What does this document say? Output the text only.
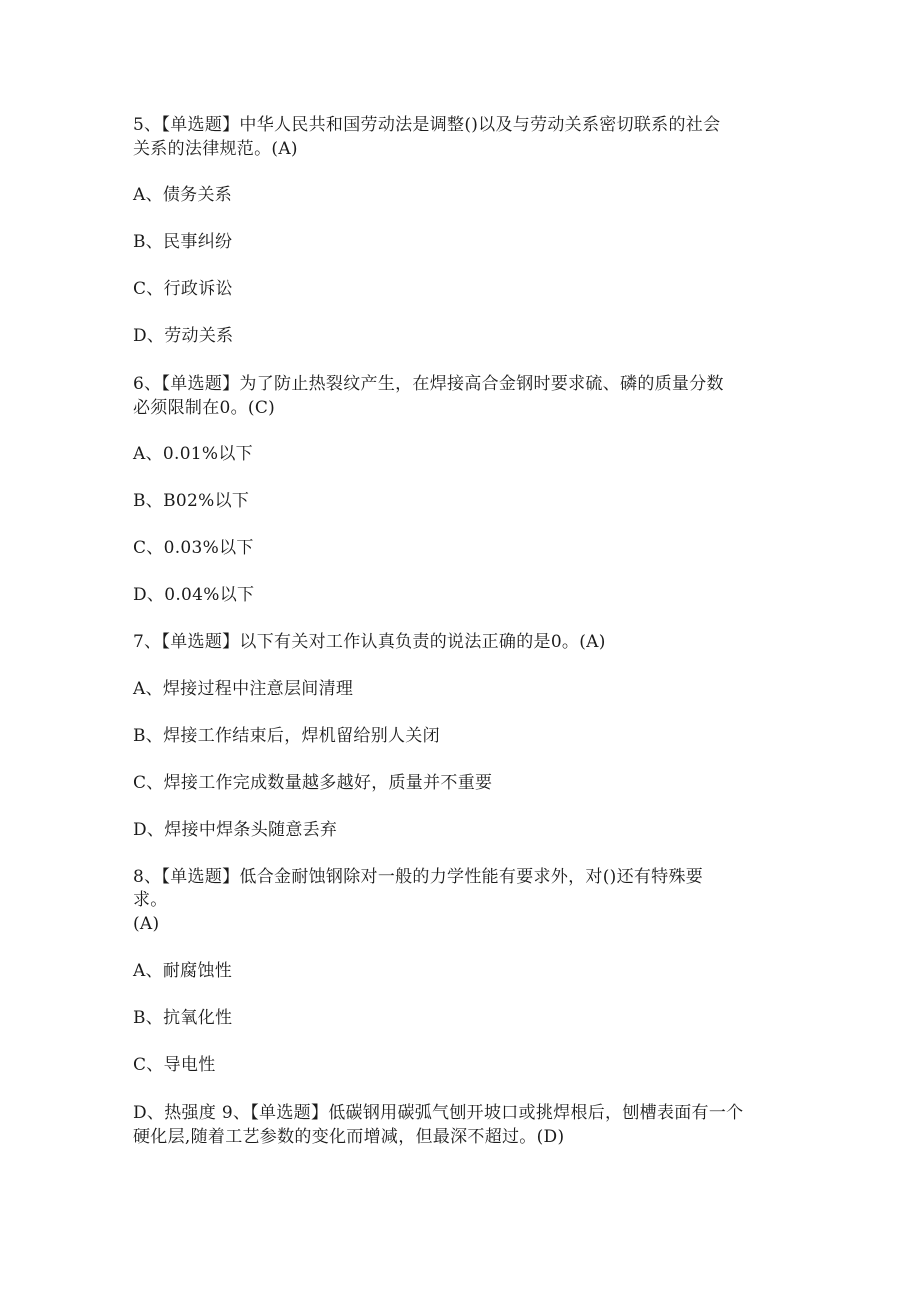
5、【单选题】中华人民共和国劳动法是调整()以及与劳动关系密切联系的社会
关系的法律规范。(A)
A、债务关系
B、民事纠纷
C、行政诉讼
D、劳动关系
6、【单选题】为了防止热裂纹产生，在焊接高合金钢时要求硫、磷的质量分数
必须限制在0。(C)
A、0.01%以下
B、B02%以下
C、0.03%以下
D、0.04%以下
7、【单选题】以下有关对工作认真负责的说法正确的是0。(A)
A、焊接过程中注意层间清理
B、焊接工作结束后，焊机留给别人关闭
C、焊接工作完成数量越多越好，质量并不重要
D、焊接中焊条头随意丢弃
8、【单选题】低合金耐蚀钢除对一般的力学性能有要求外，对()还有特殊要
求。
(A)
A、耐腐蚀性
B、抗氧化性
C、导电性
D、热强度 9、【单选题】低碳钢用碳弧气刨开坡口或挑焊根后，刨槽表面有一个
硬化层,随着工艺参数的变化而增减，但最深不超过。(D)
